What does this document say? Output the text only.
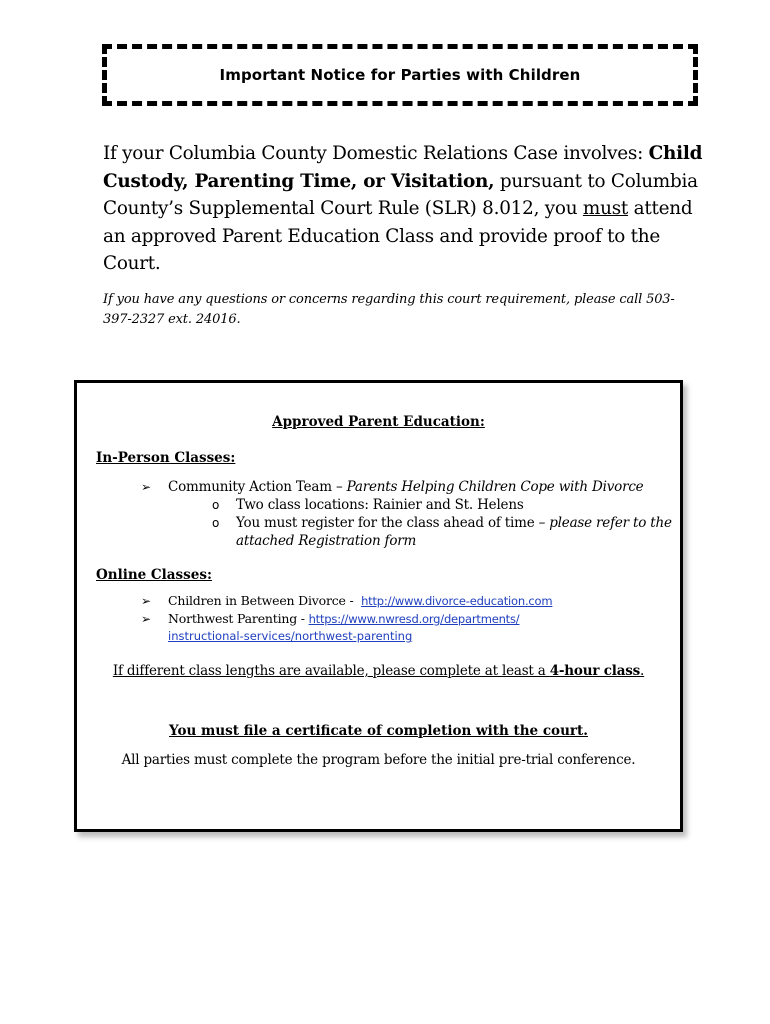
Important Notice for Parties with Children
If your Columbia County Domestic Relations Case involves: Child Custody, Parenting Time, or Visitation, pursuant to Columbia County’s Supplemental Court Rule (SLR) 8.012, you must attend an approved Parent Education Class and provide proof to the Court.
If you have any questions or concerns regarding this court requirement, please call 503-397-2327 ext. 24016.
Approved Parent Education:
In-Person Classes:
➢	Community Action Team – Parents Helping Children Cope with Divorce
o	Two class locations: Rainier and St. Helens
o	You must register for the class ahead of time – please refer to the
attached Registration form
Online Classes:
➢	Children in Between Divorce -  http://www.divorce-education.com
➢	Northwest Parenting - https://www.nwresd.org/departments/
instructional-services/northwest-parenting
If different class lengths are available, please complete at least a 4-hour class.
You must file a certificate of completion with the court.
All parties must complete the program before the initial pre-trial conference.
